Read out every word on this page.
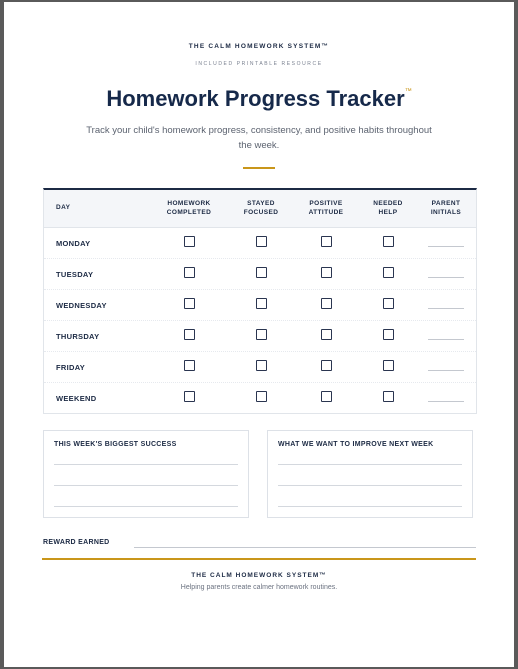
THE CALM HOMEWORK SYSTEM™
INCLUDED PRINTABLE RESOURCE
Homework Progress Tracker™
Track your child's homework progress, consistency, and positive habits throughout the week.
DAY
HOMEWORK
COMPLETED
STAYED
FOCUSED
POSITIVE
ATTITUDE
NEEDED
HELP
PARENT
INITIALS
MONDAY
TUESDAY
WEDNESDAY
THURSDAY
FRIDAY
WEEKEND
THIS WEEK'S BIGGEST SUCCESS	WHAT WE WANT TO IMPROVE NEXT WEEK
REWARD EARNED
THE CALM HOMEWORK SYSTEM™
Helping parents create calmer homework routines.
